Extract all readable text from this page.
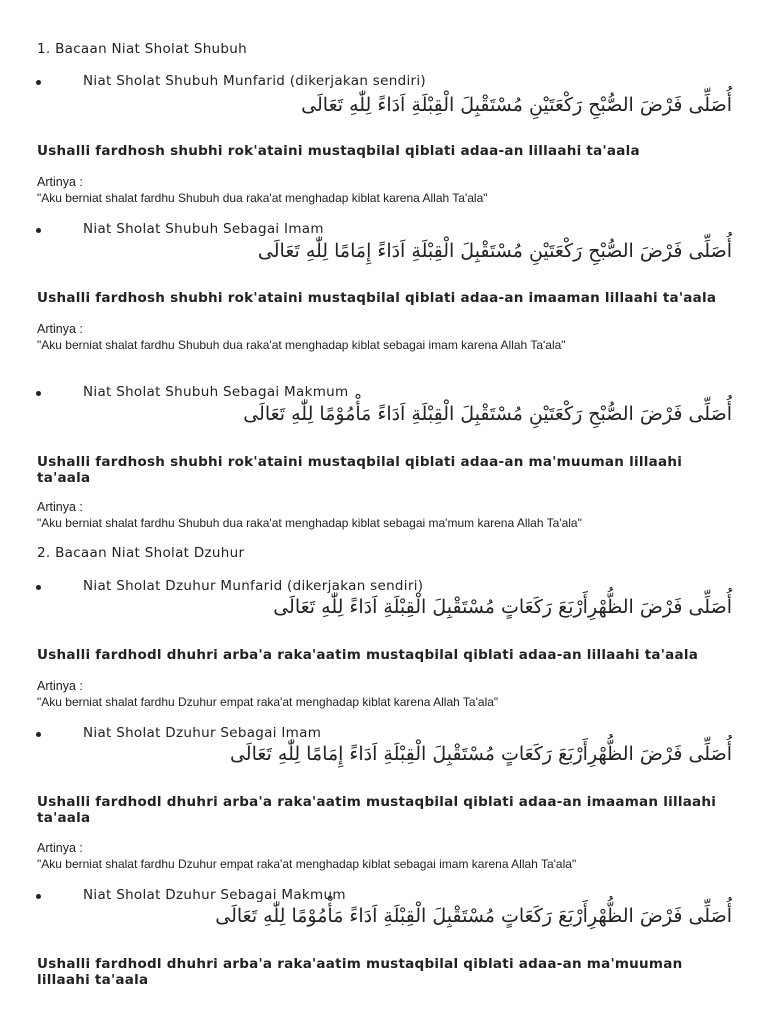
1. Bacaan Niat Sholat Shubuh
Niat Sholat Shubuh Munfarid (dikerjakan sendiri)
أُصَلِّى فَرْضَ الصُّبْحِ رَكْعَتَيْنِ مُسْتَقْبِلَ الْقِبْلَةِ اَدَاءً لِلّٰهِ تَعَالَى
Ushalli fardhosh shubhi rok'ataini mustaqbilal qiblati adaa-an lillaahi ta'aala
Artinya :
"Aku berniat shalat fardhu Shubuh dua raka'at menghadap kiblat karena Allah Ta'ala"
Niat Sholat Shubuh Sebagai Imam
أُصَلِّى فَرْضَ الصُّبْحِ رَكْعَتَيْنِ مُسْتَقْبِلَ الْقِبْلَةِ اَدَاءً إِمَامًا لِلّٰهِ تَعَالَى
Ushalli fardhosh shubhi rok'ataini mustaqbilal qiblati adaa-an imaaman lillaahi ta'aala
Artinya :
"Aku berniat shalat fardhu Shubuh dua raka'at menghadap kiblat sebagai imam karena Allah Ta'ala"
Niat Sholat Shubuh Sebagai Makmum
أُصَلِّى فَرْضَ الصُّبْحِ رَكْعَتَيْنِ مُسْتَقْبِلَ الْقِبْلَةِ اَدَاءً مَأْمُوْمًا لِلّٰهِ تَعَالَى
Ushalli fardhosh shubhi rok'ataini mustaqbilal qiblati adaa-an ma'muuman lillaahi ta'aala
Artinya :
"Aku berniat shalat fardhu Shubuh dua raka'at menghadap kiblat sebagai ma'mum karena Allah Ta'ala"
2. Bacaan Niat Sholat Dzuhur
Niat Sholat Dzuhur Munfarid (dikerjakan sendiri)
أُصَلِّى فَرْضَ الظُّهْرِأَرْبَعَ رَكَعَاتٍ مُسْتَقْبِلَ الْقِبْلَةِ اَدَاءً لِلّٰهِ تَعَالَى
Ushalli fardhodl dhuhri arba'a raka'aatim mustaqbilal qiblati adaa-an lillaahi ta'aala
Artinya :
"Aku berniat shalat fardhu Dzuhur empat raka'at menghadap kiblat karena Allah Ta'ala"
Niat Sholat Dzuhur Sebagai Imam
أُصَلِّى فَرْضَ الظُّهْرِأَرْبَعَ رَكَعَاتٍ مُسْتَقْبِلَ الْقِبْلَةِ اَدَاءً إِمَامًا لِلّٰهِ تَعَالَى
Ushalli fardhodl dhuhri arba'a raka'aatim mustaqbilal qiblati adaa-an imaaman lillaahi ta'aala
Artinya :
"Aku berniat shalat fardhu Dzuhur empat raka'at menghadap kiblat sebagai imam karena Allah Ta'ala"
Niat Sholat Dzuhur Sebagai Makmum
أُصَلِّى فَرْضَ الظُّهْرِأَرْبَعَ رَكَعَاتٍ مُسْتَقْبِلَ الْقِبْلَةِ اَدَاءً مَأْمُوْمًا لِلّٰهِ تَعَالَى
Ushalli fardhodl dhuhri arba'a raka'aatim mustaqbilal qiblati adaa-an ma'muuman lillaahi ta'aala
